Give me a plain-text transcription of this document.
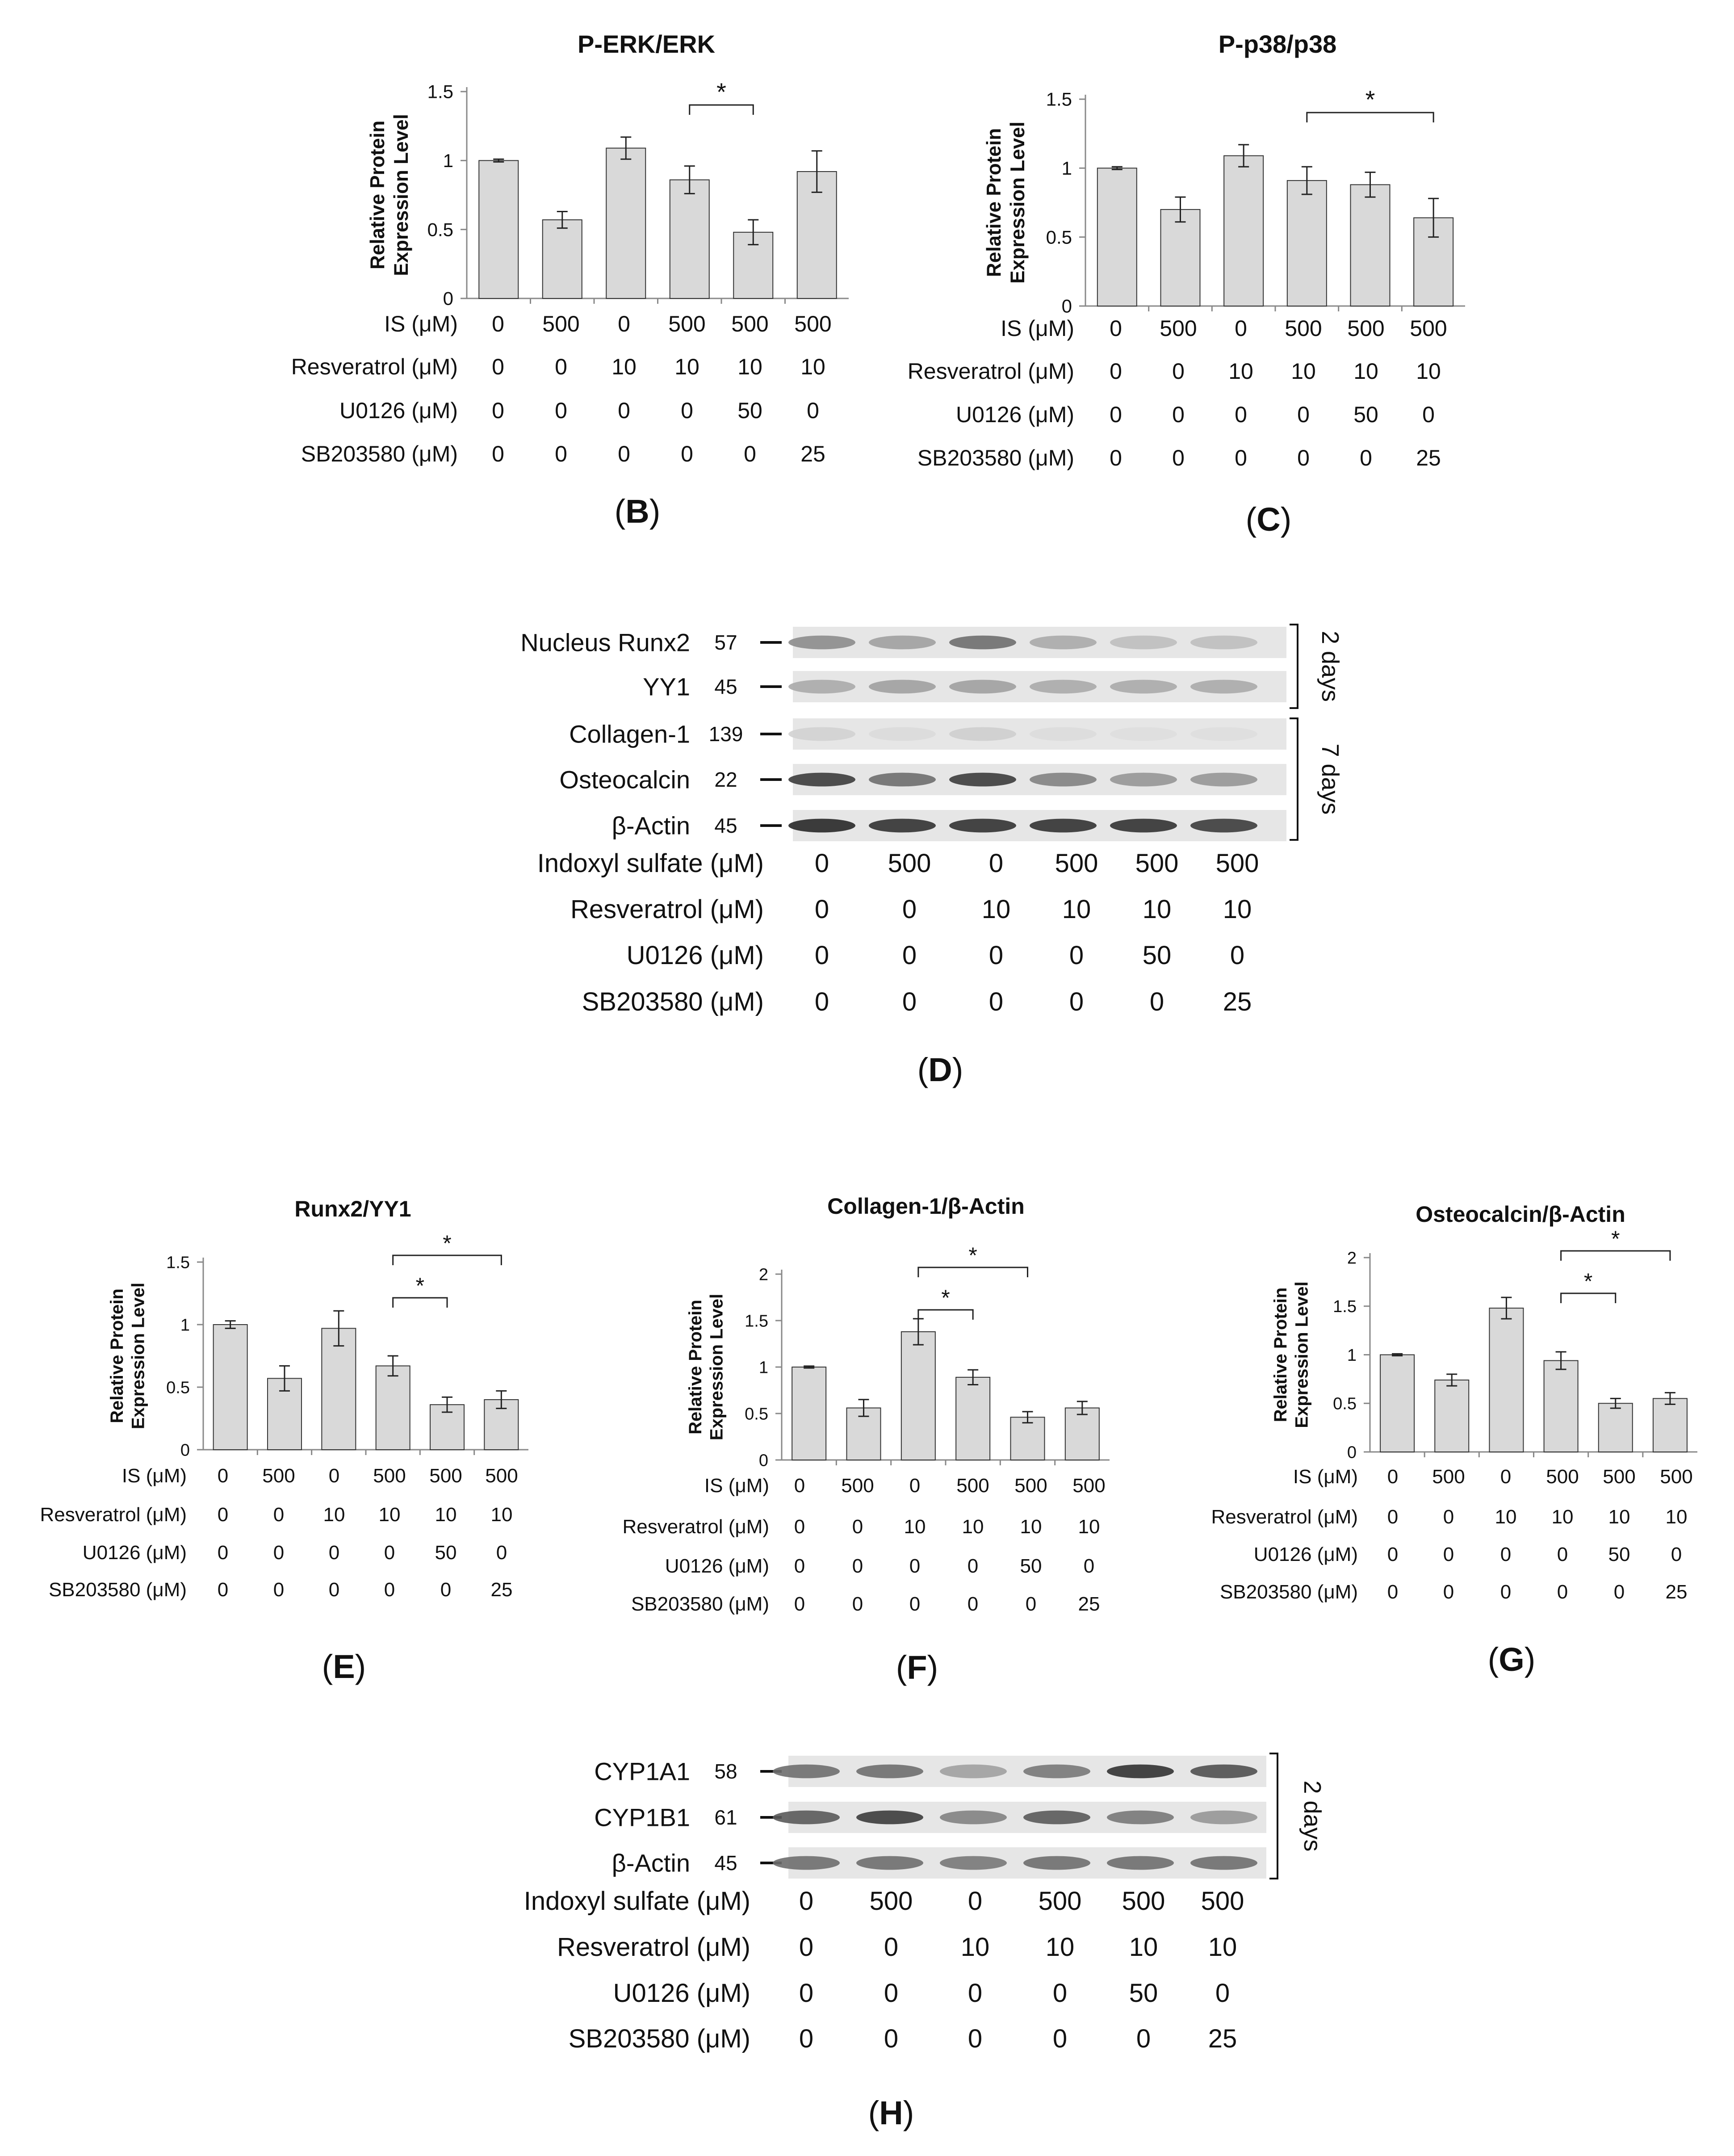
P-ERK/ERK
Relative Protein Expression Level
0
0.5
1
1.5	*
IS (μM) 0 500 0 500 500 500
Resveratrol (μM) 0 0 10 10 10 10
U0126 (μM) 0 0 0 0 50 0
SB203580 (μM) 0 0 0 0 0 25
(B)
P-p38/p38
Relative Protein Expression Level
0
0.5
1
1.5	*
IS (μM) 0 500 0 500 500 500
Resveratrol (μM) 0 0 10 10 10 10
U0126 (μM) 0 0 0 0 50 0
SB203580 (μM) 0 0 0 0 0 25
(C)
Runx2/YY1
Relative Protein Expression Level
0
0.5
1
1.5
*
*
IS (μM) 0 500 0 500 500 500
Resveratrol (μM) 0 0 10 10 10 10
U0126 (μM) 0 0 0 0 50 0
SB203580 (μM) 0 0 0 0 0 25
(E)
Collagen-1/β-Actin
Relative Protein Expression Level
0
0.5
1
1.5
2
*
*
IS (μM) 0 500 0 500 500 500
Resveratrol (μM) 0 0 10 10 10 10
U0126 (μM) 0 0 0 0 50 0
SB203580 (μM) 0 0 0 0 0 25
(F)
Osteocalcin/β-Actin
Relative Protein Expression Level
0
0.5
1
1.5
2
*
*
IS (μM) 0 500 0 500 500 500
Resveratrol (μM) 0 0 10 10 10 10
U0126 (μM) 0 0 0 0 50 0
SB203580 (μM) 0 0 0 0 0 25
(G)
Nucleus Runx2 57
YY1 45
Collagen-1 139
Osteocalcin 22
β-Actin 45
2 days
7 days
Indoxyl sulfate (μM) 0 500 0 500 500 500
Resveratrol (μM) 0	0	10 10 10 10
U0126 (μM) 0	0	0	0 50 0
SB203580 (μM) 0	0	0	0	0 25
(D)
CYP1A1 58
CYP1B1 61
β-Actin 45
2 days
Indoxyl sulfate (μM) 0 500 0 500 500 500
Resveratrol (μM) 0	0 10 10 10 10
U0126 (μM) 0	0	0	0 50 0
SB203580 (μM) 0	0	0	0	0 25
(H)
